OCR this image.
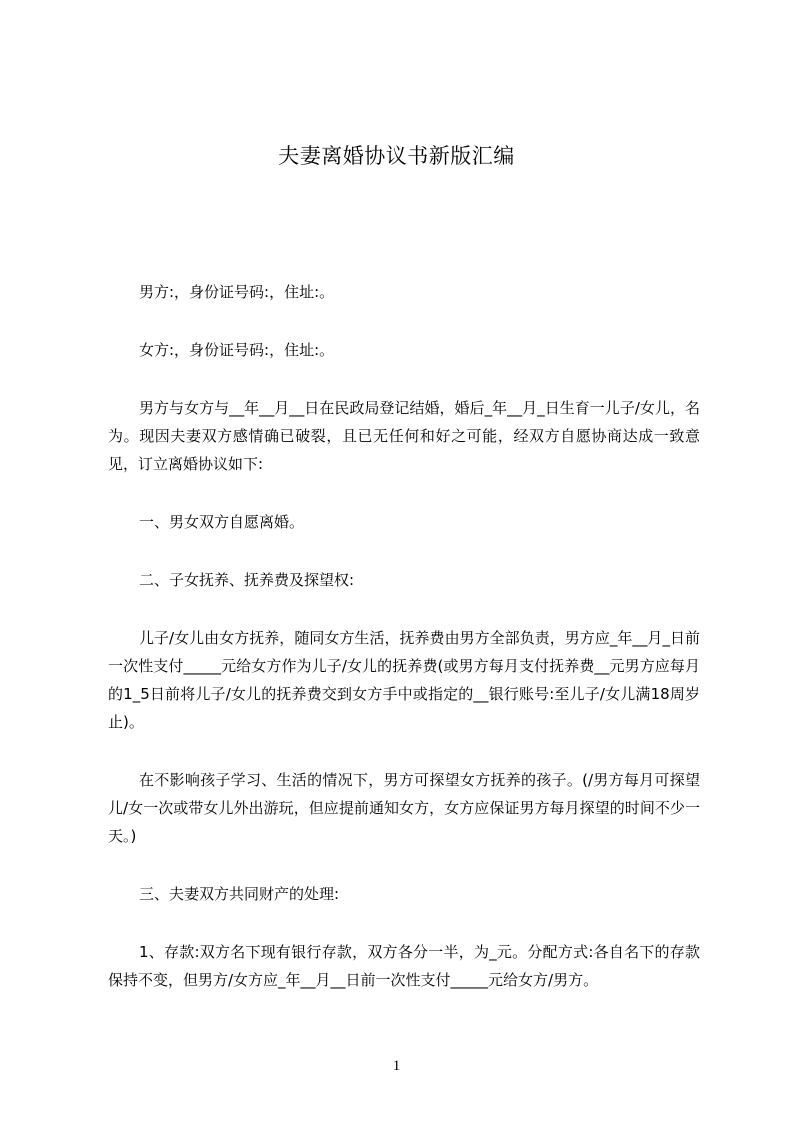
夫妻离婚协议书新版汇编

男方:，身份证号码:，住址:。

女方:，身份证号码:，住址:。

男方与女方与__年__月__日在民政局登记结婚，婚后_年__月_日生育一儿子/女儿，名为。现因夫妻双方感情确已破裂，且已无任何和好之可能，经双方自愿协商达成一致意见，订立离婚协议如下:

一、男女双方自愿离婚。

二、子女抚养、抚养费及探望权:

儿子/女儿由女方抚养，随同女方生活，抚养费由男方全部负责，男方应_年__月_日前一次性支付_____元给女方作为儿子/女儿的抚养费(或男方每月支付抚养费__元男方应每月的1_5日前将儿子/女儿的抚养费交到女方手中或指定的__银行账号:至儿子/女儿满18周岁止)。

在不影响孩子学习、生活的情况下，男方可探望女方抚养的孩子。(/男方每月可探望儿/女一次或带女儿外出游玩，但应提前通知女方，女方应保证男方每月探望的时间不少一天。)

三、夫妻双方共同财产的处理:

1、存款:双方名下现有银行存款，双方各分一半，为_元。分配方式:各自名下的存款保持不变，但男方/女方应_年__月__日前一次性支付_____元给女方/男方。

1
